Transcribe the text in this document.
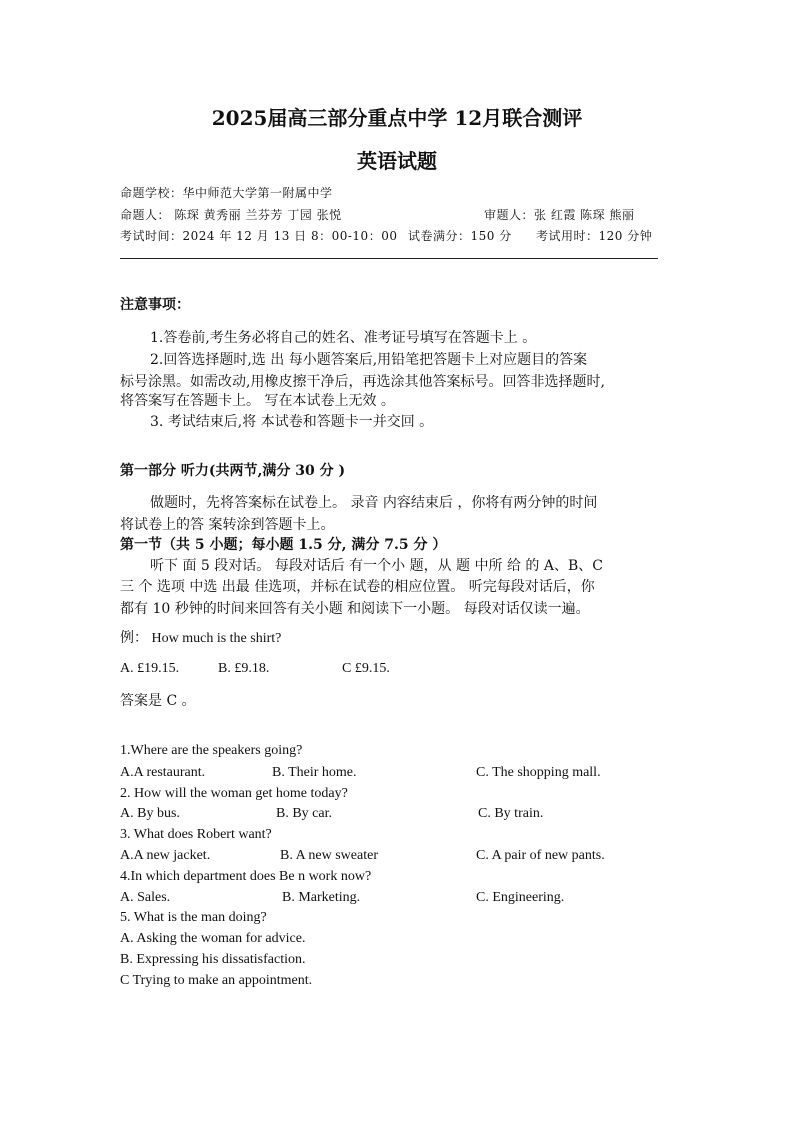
2025届高三部分重点中学 12月联合测评
英语试题
命题学校：华中师范大学第一附属中学
命题人： 陈琛 黄秀丽 兰芬芳 丁园 张悦	审题人：张 红霞 陈琛 熊丽
考试时间：2024 年 12 月 13 日 8：00-10：00 试卷满分：150 分 考试用时：120 分钟
注意事项：
1.答卷前,考生务必将自己的姓名、准考证号填写在答题卡上 。
2.回答选择题时,选 出 每小题答案后,用铅笔把答题卡上对应题目的答案
标号涂黑。如需改动,用橡皮擦干净后，再选涂其他答案标号。回答非选择题时,
将答案写在答题卡上。 写在本试卷上无效 。
3. 考试结束后,将 本试卷和答题卡一并交回 。
第一部分 听力(共两节,满分 30 分 )
做题时，先将答案标在试卷上。 录音 内容结束后 ，你将有两分钟的时间
将试卷上的答 案转涂到答题卡上。
第一节（共 5 小题；每小题 1.5 分, 满分 7.5 分 ）
听下 面 5 段对话。 每段对话后 有一个小 题，从 题 中所 给 的 A、B、C
三 个 选项 中选 出最 佳选项，并标在试卷的相应位置。 听完每段对话后，你
都有 10 秒钟的时间来回答有关小题 和阅读下一小题。 每段对话仅读一遍。
例： How much is the shirt?
A. £19.15.	B. £9.18.	C £9.15.
答案是 C 。
1.Where are the speakers going?
A.A restaurant.	B. Their home.	C. The shopping mall.
2. How will the woman get home today?
A. By bus.	B. By car.	C. By train.
3. What does Robert want?
A.A new jacket.	B. A new sweater	C. A pair of new pants.
4.In which department does Be n work now?
A. Sales.	B. Marketing.	C. Engineering.
5. What is the man doing?
A. Asking the woman for advice.
B. Expressing his dissatisfaction.
C Trying to make an appointment.
